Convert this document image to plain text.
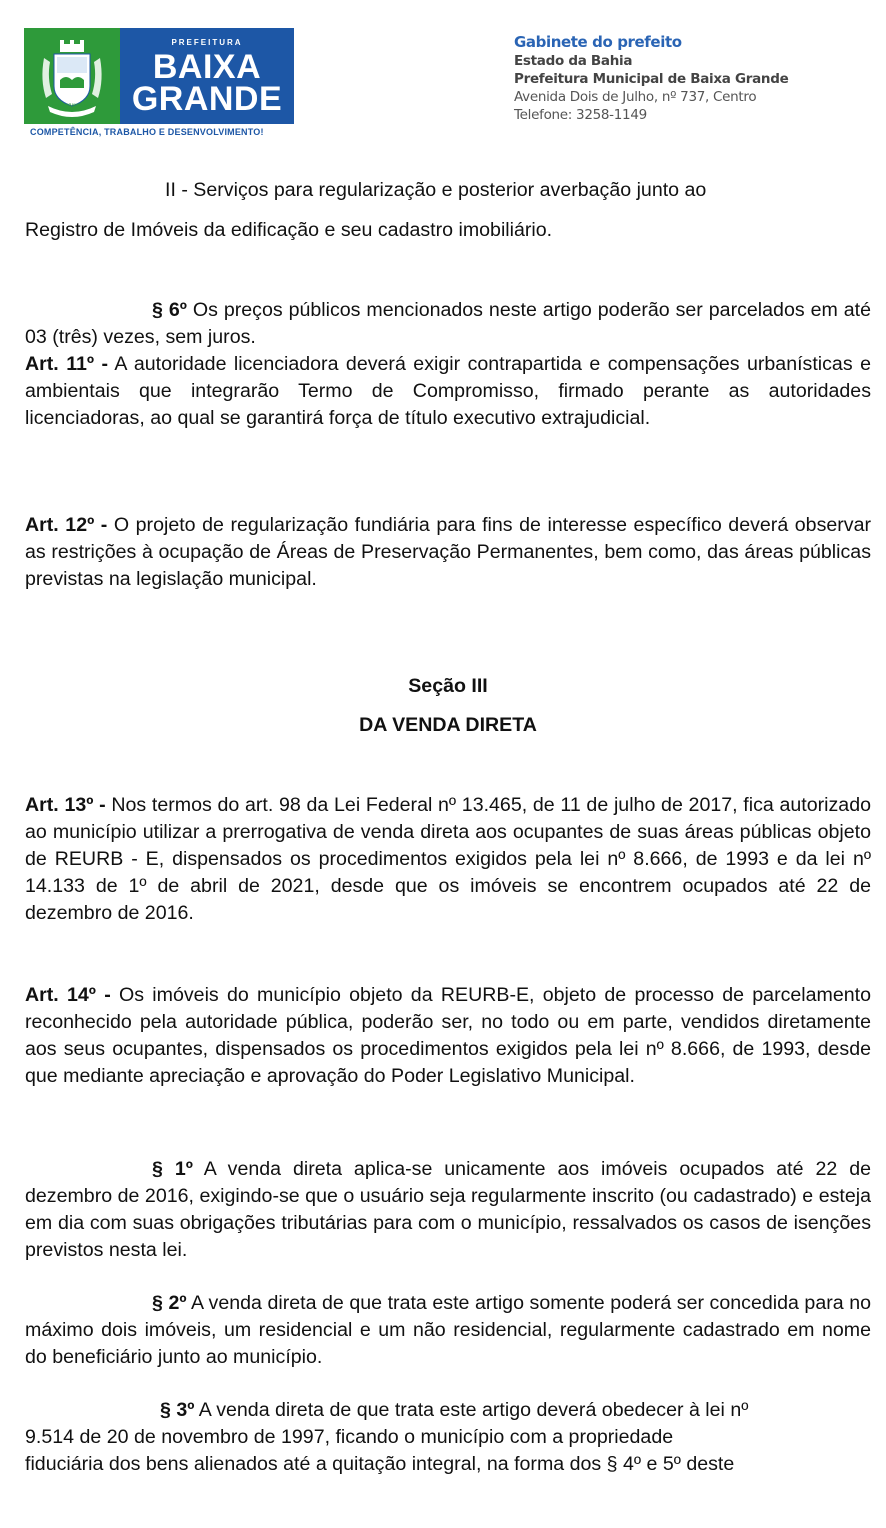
BAIXA GRANDE-BA
PREFEITURA
BAIXA
GRANDE
COMPETÊNCIA, TRABALHO E DESENVOLVIMENTO!
Gabinete do prefeito
Estado da Bahia
Prefeitura Municipal de Baixa Grande
Avenida Dois de Julho, nº 737, Centro
Telefone: 3258-1149
II - Serviços para regularização e posterior averbação junto ao
Registro de Imóveis da edificação e seu cadastro imobiliário.

§ 6º Os preços públicos mencionados neste artigo poderão ser parcelados em até 03 (três) vezes, sem juros.

Art. 11º - A autoridade licenciadora deverá exigir contrapartida e compensações urbanísticas e ambientais que integrarão Termo de Compromisso, firmado perante as autoridades licenciadoras, ao qual se garantirá força de título executivo extrajudicial.

Art. 12º - O projeto de regularização fundiária para fins de interesse específico deverá observar as restrições à ocupação de Áreas de Preservação Permanentes, bem como, das áreas públicas previstas na legislação municipal.

Seção III
DA VENDA DIRETA

Art. 13º - Nos termos do art. 98 da Lei Federal nº 13.465, de 11 de julho de 2017, fica autorizado ao município utilizar a prerrogativa de venda direta aos ocupantes de suas áreas públicas objeto de REURB - E, dispensados os procedimentos exigidos pela lei nº 8.666, de 1993 e da lei nº 14.133 de 1º de abril de 2021, desde que os imóveis se encontrem ocupados até 22 de dezembro de 2016.

Art. 14º - Os imóveis do município objeto da REURB-E, objeto de processo de parcelamento reconhecido pela autoridade pública, poderão ser, no todo ou em parte, vendidos diretamente aos seus ocupantes, dispensados os procedimentos exigidos pela lei nº 8.666, de 1993, desde que mediante apreciação e aprovação do Poder Legislativo Municipal.

§ 1º A venda direta aplica-se unicamente aos imóveis ocupados até 22 de dezembro de 2016, exigindo-se que o usuário seja regularmente inscrito (ou cadastrado) e esteja em dia com suas obrigações tributárias para com o município, ressalvados os casos de isenções previstos nesta lei.

§ 2º A venda direta de que trata este artigo somente poderá ser concedida para no máximo dois imóveis, um residencial e um não residencial, regularmente cadastrado em nome do beneficiário junto ao município.

§ 3º A venda direta de que trata este artigo deverá obedecer à lei nº
9.514 de 20 de novembro de 1997, ficando o município com a propriedade
fiduciária dos bens alienados até a quitação integral, na forma dos § 4º e 5º deste
